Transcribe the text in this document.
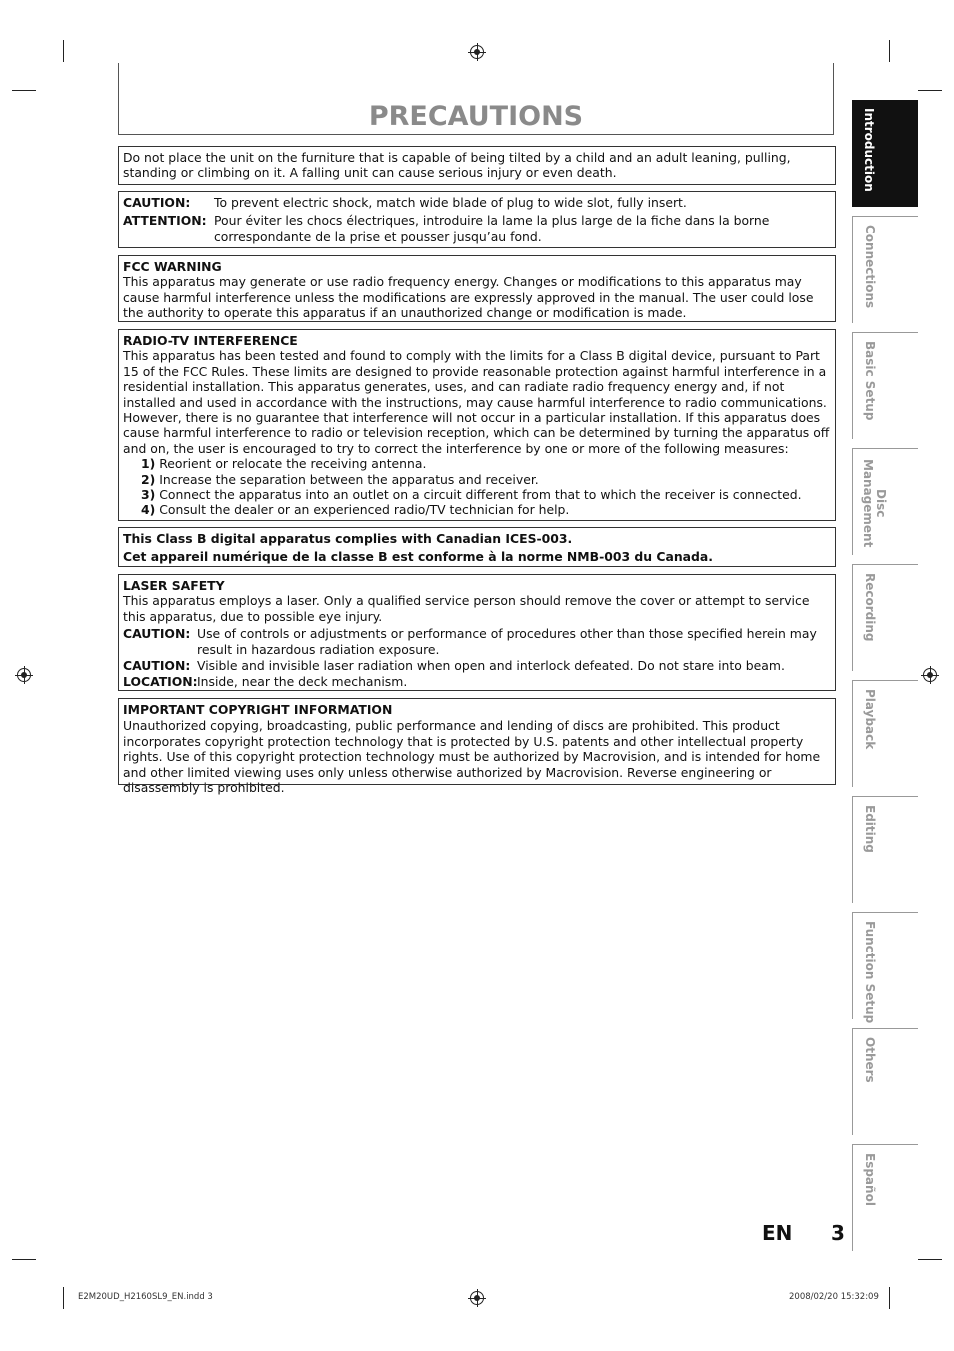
PRECAUTIONS

Do not place the unit on the furniture that is capable of being tilted by a child and an adult leaning, pulling, standing or climbing on it. A falling unit can cause serious injury or even death.

CAUTION:	To prevent electric shock, match wide blade of plug to wide slot, fully insert.
ATTENTION: Pour éviter les chocs électriques, introduire la lame la plus large de la fiche dans la borne correspondante de la prise et pousser jusqu’au fond.

FCC WARNING

This apparatus may generate or use radio frequency energy. Changes or modifications to this apparatus may cause harmful interference unless the modifications are expressly approved in the manual. The user could lose the authority to operate this apparatus if an unauthorized change or modification is made.

RADIO-TV INTERFERENCE

This apparatus has been tested and found to comply with the limits for a Class B digital device, pursuant to Part 15 of the FCC Rules. These limits are designed to provide reasonable protection against harmful interference in a residential installation. This apparatus generates, uses, and can radiate radio frequency energy and, if not installed and used in accordance with the instructions, may cause harmful interference to radio communications. However, there is no guarantee that interference will not occur in a particular installation. If this apparatus does cause harmful interference to radio or television reception, which can be determined by turning the apparatus off and on, the user is encouraged to try to correct the interference by one or more of the following measures:

1) Reorient or relocate the receiving antenna.
2) Increase the separation between the apparatus and receiver.
3) Connect the apparatus into an outlet on a circuit different from that to which the receiver is connected.
4) Consult the dealer or an experienced radio/TV technician for help.

This Class B digital apparatus complies with Canadian ICES-003.

Cet appareil numérique de la classe B est conforme à la norme NMB-003 du Canada.

LASER SAFETY

This apparatus employs a laser. Only a qualified service person should remove the cover or attempt to service this apparatus, due to possible eye injury.

CAUTION: Use of controls or adjustments or performance of procedures other than those specified herein may result in hazardous radiation exposure.
CAUTION: Visible and invisible laser radiation when open and interlock defeated. Do not stare into beam.
LOCATION: Inside, near the deck mechanism.

IMPORTANT COPYRIGHT INFORMATION

Unauthorized copying, broadcasting, public performance and lending of discs are prohibited. This product incorporates copyright protection technology that is protected by U.S. patents and other intellectual property rights. Use of this copyright protection technology must be authorized by Macrovision, and is intended for home and other limited viewing uses only unless otherwise authorized by Macrovision. Reverse engineering or disassembly is prohibited.

Introduction
Connections
Basic Setup
Disc Management
Recording
Playback
Editing
Function Setup
Others
Español
EN 3
E2M20UD_H2160SL9_EN.indd 3	2008/02/20 15:32:09
